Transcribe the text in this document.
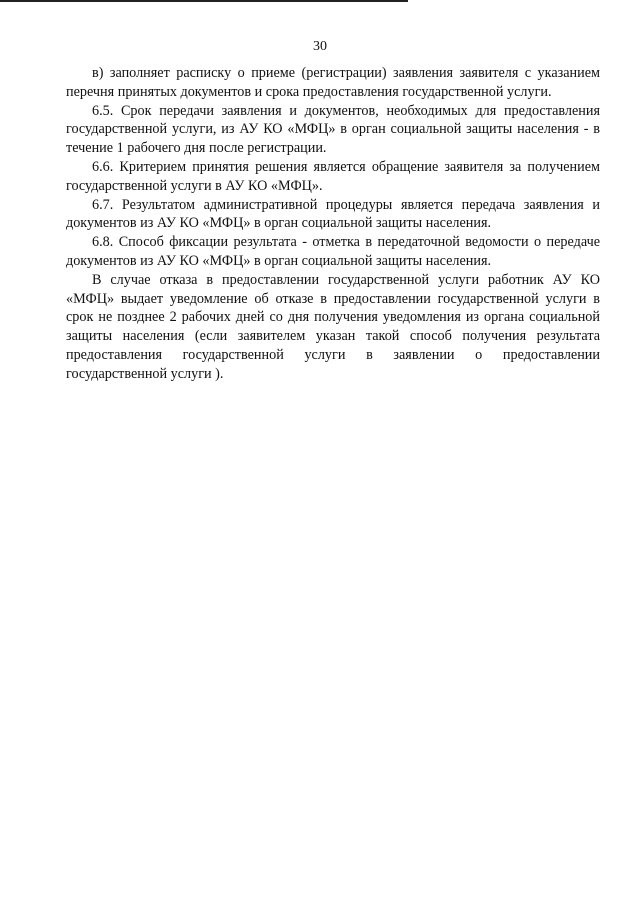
30

в) заполняет расписку о приеме (регистрации) заявления заявителя с указанием перечня принятых документов и срока предоставления государственной услуги.

6.5. Срок передачи заявления и документов, необходимых для предоставления государственной услуги, из АУ КО «МФЦ» в орган социальной защиты населения - в течение 1 рабочего дня после регистрации.

6.6. Критерием принятия решения является обращение заявителя за получением государственной услуги в АУ КО «МФЦ».

6.7. Результатом административной процедуры является передача заявления и документов из АУ КО «МФЦ» в орган социальной защиты населения.

6.8. Способ фиксации результата - отметка в передаточной ведомости о передаче документов из АУ КО «МФЦ» в орган социальной защиты населения.

В случае отказа в предоставлении государственной услуги работник АУ КО «МФЦ» выдает уведомление об отказе в предоставлении государственной услуги в срок не позднее 2 рабочих дней со дня получения уведомления из органа социальной защиты населения (если заявителем указан такой способ получения результата предоставления государственной услуги в заявлении о предоставлении государственной услуги ).
